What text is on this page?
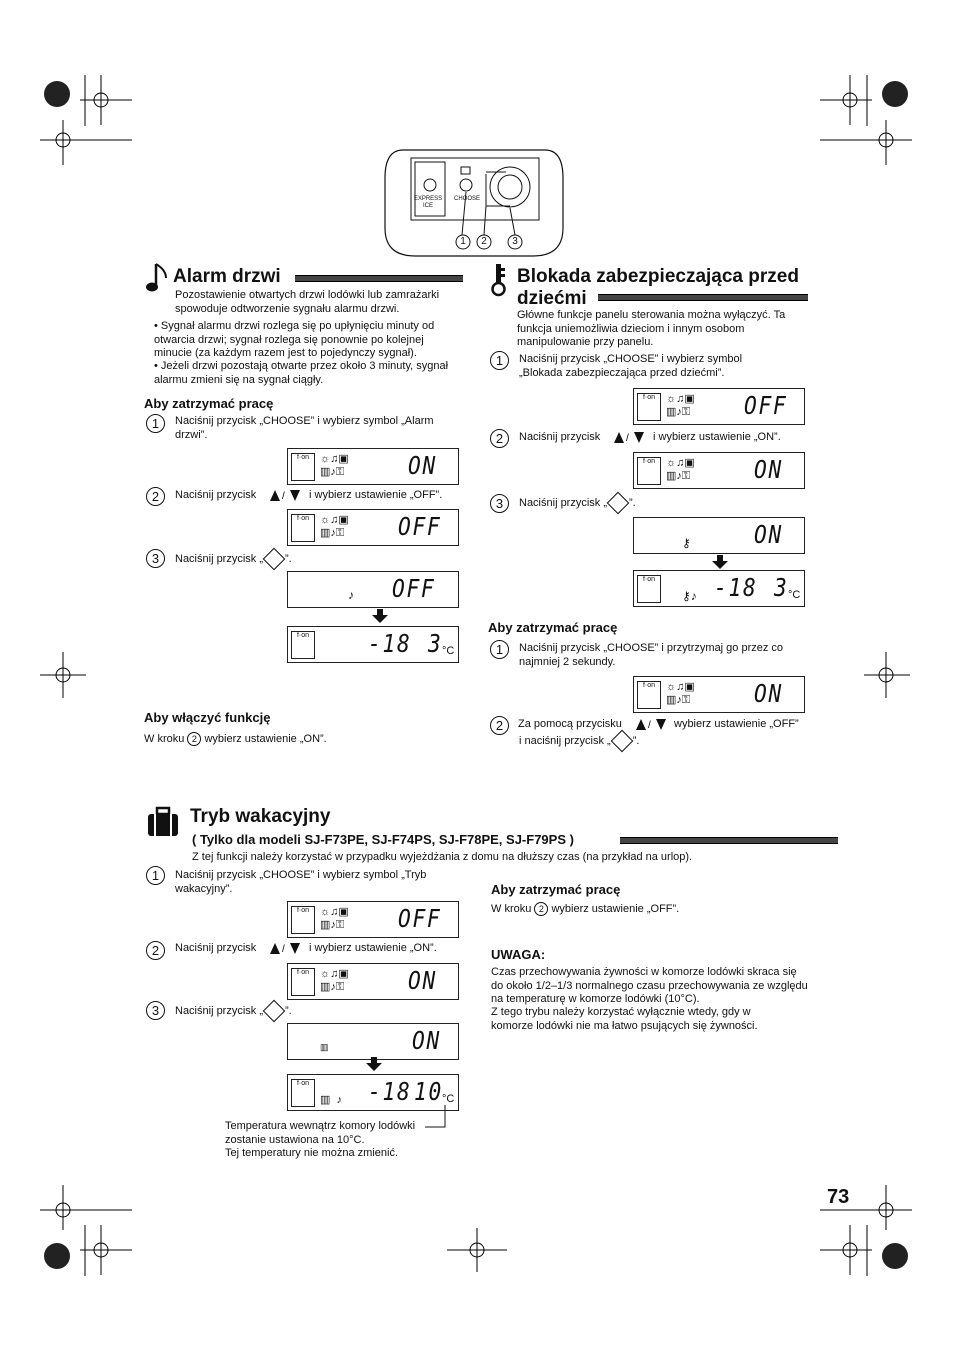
EXPRESS ICE
CHOOSE
1 2	3
Alarm drzwi
Pozostawienie otwartych drzwi lodówki lub zamrażarki spowoduje odtworzenie sygnału alarmu drzwi.
• Sygnał alarmu drzwi rozlega się po upłynięciu minuty od otwarcia drzwi; sygnał rozlega się ponownie po kolejnej minucie (za każdym razem jest to pojedynczy sygnał).
• Jeżeli drzwi pozostają otwarte przez około 3 minuty, sygnał alarmu zmieni się na sygnał ciągły.
Aby zatrzymać pracę
1	Naciśnij przycisk „CHOOSE” i wybierz symbol „Alarm drzwi”.
f·on ☼♫▣
▥♪⚿	ON
2	Naciśnij przycisk	/ i wybierz ustawienie „OFF”.
f·on ☼♫▣
▥♪⚿ OFF
3	Naciśnij przycisk „ ”.
♪ OFF
f·on -18 3 °C
Aby włączyć funkcję
W kroku 2 wybierz ustawienie „ON”.
Blokada zabezpieczająca przed dziećmi
Główne funkcje panelu sterowania można wyłączyć. Ta funkcja uniemożliwia dzieciom i innym osobom manipulowanie przy panelu.
1	Naciśnij przycisk „CHOOSE” i wybierz symbol „Blokada zabezpieczająca przed dziećmi”.
f·on ☼♫▣
▥♪⚿ OFF
2	Naciśnij przycisk	/ i wybierz ustawienie „ON”.
f·on ☼♫▣
▥♪⚿	ON
3	Naciśnij przycisk „ ”.
⚷	ON
f·on
⚷♪ -18 3 °C
Aby zatrzymać pracę
1	Naciśnij przycisk „CHOOSE” i przytrzymaj go przez co najmniej 2 sekundy.
f·on ☼♫▣
▥♪⚿	ON
2	Za pomocą przycisku	/ wybierz ustawienie „OFF”
i naciśnij przycisk „ ”.
Tryb wakacyjny
( Tylko dla modeli SJ-F73PE, SJ-F74PS, SJ-F78PE, SJ-F79PS )
Z tej funkcji należy korzystać w przypadku wyjeżdżania z domu na dłuższy czas (na przykład na urlop).
1	Naciśnij przycisk „CHOOSE” i wybierz symbol „Tryb wakacyjny”.
f·on ☼♫▣
▥♪⚿ OFF
2	Naciśnij przycisk	/ i wybierz ustawienie „ON”.
f·on ☼♫▣
▥♪⚿	ON
3	Naciśnij przycisk „ ”.
▥	ON
f·on
▥  ♪ -18 10 °C
Temperatura wewnątrz komory lodówki zostanie ustawiona na 10°C.
Tej temperatury nie można zmienić.
Aby zatrzymać pracę
W kroku 2 wybierz ustawienie „OFF”.
UWAGA:
Czas przechowywania żywności w komorze lodówki skraca się do około 1/2–1/3 normalnego czasu przechowywania ze względu na temperaturę w komorze lodówki (10°C).
Z tego trybu należy korzystać wyłącznie wtedy, gdy w komorze lodówki nie ma łatwo psujących się żywności.
73
